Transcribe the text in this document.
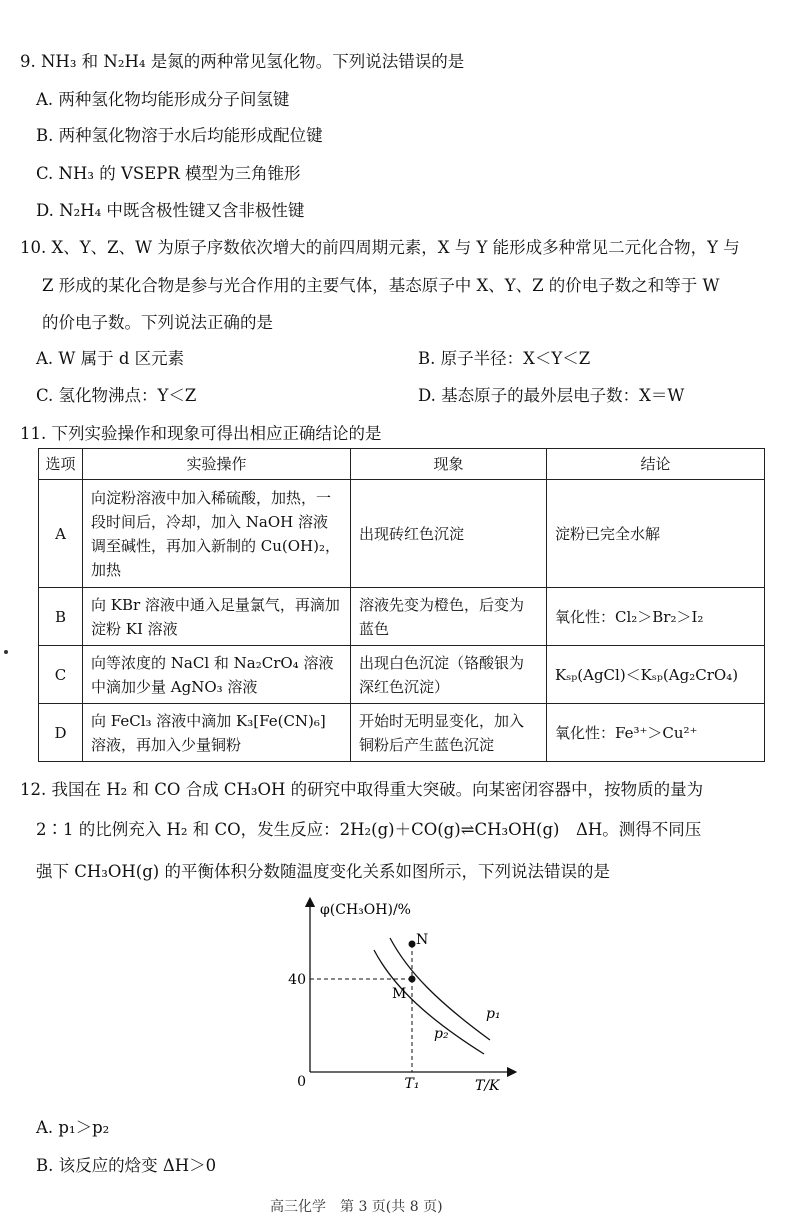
9. NH₃ 和 N₂H₄ 是氮的两种常见氢化物。下列说法错误的是
A. 两种氢化物均能形成分子间氢键
B. 两种氢化物溶于水后均能形成配位键
C. NH₃ 的 VSEPR 模型为三角锥形
D. N₂H₄ 中既含极性键又含非极性键
10. X、Y、Z、W 为原子序数依次增大的前四周期元素，X 与 Y 能形成多种常见二元化合物，Y 与
Z 形成的某化合物是参与光合作用的主要气体，基态原子中 X、Y、Z 的价电子数之和等于 W
的价电子数。下列说法正确的是
A. W 属于 d 区元素	B. 原子半径：X＜Y＜Z
C. 氢化物沸点：Y＜Z	D. 基态原子的最外层电子数：X＝W
11. 下列实验操作和现象可得出相应正确结论的是
选项	实验操作	现象	结论
A	向淀粉溶液中加入稀硫酸，加热，一段时间后，冷却，加入 NaOH 溶液调至碱性，再加入新制的 Cu(OH)₂，加热	出现砖红色沉淀	淀粉已完全水解
B	向 KBr 溶液中通入足量氯气，再滴加淀粉 KI 溶液	溶液先变为橙色，后变为蓝色	氧化性：Cl₂＞Br₂＞I₂
C	向等浓度的 NaCl 和 Na₂CrO₄ 溶液中滴加少量 AgNO₃ 溶液	出现白色沉淀（铬酸银为深红色沉淀）	Kₛₚ(AgCl)＜Kₛₚ(Ag₂CrO₄)
D	向 FeCl₃ 溶液中滴加 K₃[Fe(CN)₆] 溶液，再加入少量铜粉	开始时无明显变化，加入铜粉后产生蓝色沉淀	氧化性：Fe³⁺＞Cu²⁺
12. 我国在 H₂ 和 CO 合成 CH₃OH 的研究中取得重大突破。向某密闭容器中，按物质的量为
2∶1 的比例充入 H₂ 和 CO，发生反应：2H₂(g)＋CO(g)⇌CH₃OH(g)　ΔH。测得不同压
强下 CH₃OH(g) 的平衡体积分数随温度变化关系如图所示，下列说法错误的是
φ(CH₃OH)/%
T/K
0
40
T₁
N
M
p₁
p₂
A. p₁＞p₂
B. 该反应的焓变 ΔH＞0
高三化学　第 3 页(共 8 页)
